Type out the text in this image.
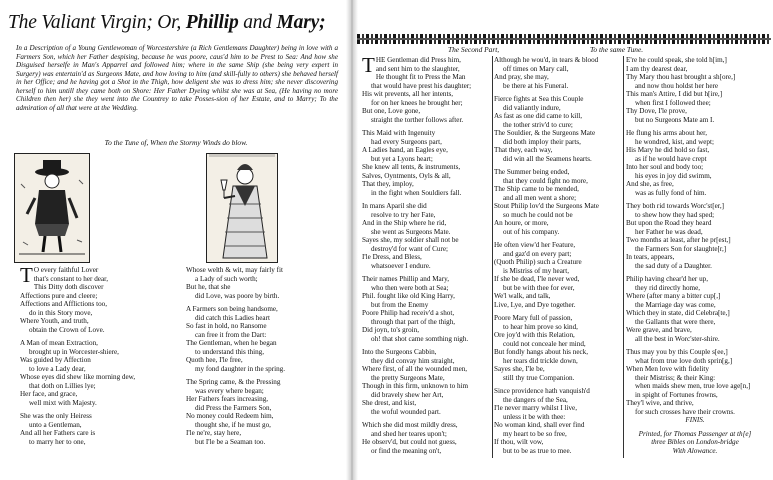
The Valiant Virgin; Or, Phillip and Mary;
In a Description of a Young Gentlewoman of Worcestershire (a Rich Gentlemans Daughter) being in love with a Farmers Son, which her Father despising, because he was poore, caus'd him to be Prest to Sea: And how she Disguised herselfe in Man's Apparrel and followed him; where in the same Ship (she being very expert in Surgery) was entertain'd as Surgeons Mate, and how loving to him (and skill-fully to others) she behaved herself in her Office; and he having got a Shot in the Thigh, how deligent she was to dress him; she never discovering herself to him untill they came both on Shore: Her Father Dyeing whilst she was at Sea, (He having no more Children then her) she they went into the Countrey to take Posses-sion of her Estate, and to Marry; To the admiration of all that were at the Wedding.
To the Tune of, When the Stormy Winds do blow.
T O every faithful Lover
that's constant to her dear,
This Ditty doth discover
Affections pure and cleere;
Affections and Afflictions too,
do in this Story move,
Where Youth, and truth,
obtain the Crown of Love.
A Man of mean Extraction,
brought up in Worcester-shiere,
Was guided by Affection
to love a Lady dear,
Whose eyes did shew like morning dew,
that doth on Lillies lye;
Her face, and grace,
well mixt with Majesty.
She was the only Heiress
unto a Gentleman,
And all her Fathers care is
to marry her to one,
Whose welth & wit, may fairly fit
a Lady of such worth;
But he, that she
did Love, was poore by birth.
A Farmers son being handsome,
did catch this Ladies heart
So fast in hold, no Ransome
can free it from the Dart:
The Gentleman, when he began
to understand this thing,
Quoth hee, I'le free,
my fond daughter in the spring.
The Spring came, & the Pressing
was every where began;
Her Fathers fears increasing,
did Press the Farmers Son,
No money could Redeem him,
thought she, if he must go,
I'le ne're, stay here,
but I'le be a Seaman too.
The Second Part,	To the same Tune.
T HE Gentleman did Press him,
and sent him to the slaughter,
He thought fit to Press the Man
that would have prest his daughter;
His wit prevents, all her intents,
for on her knees he brought her;
But one, Love gone,
straight the torther follows after.
This Maid with Ingenuity
had every Surgeons part,
A Ladies hand, an Eagles eye,
but yet a Lyons heart;
She knew all tents, & instruments,
Salves, Oyntments, Oyls & all,
That they, imploy,
in the fight when Souldiers fall.
In mans Aparil she did
resolve to try her Fate,
And in the Ship where he rid,
she went as Surgeons Mate.
Sayes she, my soldier shall not be
destroy'd for want of Cure;
I'le Dress, and Bless,
whatsoever I endure.
Their names Phillip and Mary,
who then were both at Sea;
Phil. fought like old King Harry,
but from the Enemy
Poore Philip had receiv'd a shot,
through that part of the thigh,
Did joyn, to's groin,
oh! that shot came somthing nigh.
Into the Surgeons Cabbin,
they did convay him straight,
Where first, of all the wounded men,
the pretty Surgeons Mate,
Though in this firm, unknown to him
did bravely shew her Art,
She drest, and kist,
the woful wounded part.
Which she did most mildly dress,
and shed her teares upon't;
He observ'd, but could not guess,
or find the meaning on't,
Although he wou'd, in tears & blood
off times on Mary call,
And pray, she may,
be there at his Funeral.
Fierce fights at Sea this Couple
did valiantly indure,
As fast as one did came to kill,
the tother striv'd to cure;
The Souldier, & the Surgeons Mate
did both imploy their parts,
That they, each way,
did win all the Seamens hearts.
The Summer being ended,
that they could fight no more,
The Ship came to be mended,
and all men went a shore;
Stout Philip lov'd the Surgeons Mate
so much he could not be
An houre, or more,
out of his company.
He often view'd her Feature,
and gaz'd on every part;
(Quoth Philip) such a Creature
is Mistriss of my heart,
If she be dead, I'le never wed,
but be with thee for ever,
We'l walk, and talk,
Live, Lye, and Dye together.
Poore Mary full of passion,
to hear him prove so kind,
Ore joy'd with this Relation,
could not conceale her mind,
But fondly hangs about his neck,
her tears did trickle down,
Sayes she, I'le be,
still thy true Companion.
Since providence hath vanquish'd
the dangers of the Sea,
I'le never marry whilst I live,
unless it be with thee:
No woman kind, shall ever find
my heart to be so free,
If thou, wilt vow,
but to be as true to mee.
E're he could speak, she told h[im,]
I am thy dearest dear,
Thy Mary thou hast brought a sh[ore,]
and now thou holdst her here
This man's Attire, I did but h[ire,]
when first I followed thee;
Thy Dove, I'le prove,
but no Surgeons Mate am I.
He flung his arms about her,
he wondred, kist, and wept;
His Mary he did hold so fast,
as if he would have crept
Into her soul and body too;
his eyes in joy did swimm,
And she, as free,
was as fully fond of him.
They both rid towards Worc'st[er,]
to shew how they had sped;
But upon the Road they heard
her Father he was dead,
Two months at least, after he pr[est,]
the Farmers Son for slaughte[r,]
In tears, appears,
the sad duty of a Daughter.
Philip having chear'd her up,
they rid directly home,
Where (after many a bitter cup[,]
the Marriage day was come,
Which they in state, did Celebra[te,]
the Gallants that were there,
Were grave, and brave,
all the best in Worc'ster-shire.
Thus may you by this Couple s[ee,]
what from true love doth sprin[g,]
When Men love with fidelity
their Mistriss; & their King:
when maids shew men, true love age[n,]
in spight of Fortunes frowns,
They'l wive, and thrive,
for such crosses have their crowns.
FINIS.
Printed, for Thomas Passenger at th[e]
three Bibles on London-bridge
With Alowance.
